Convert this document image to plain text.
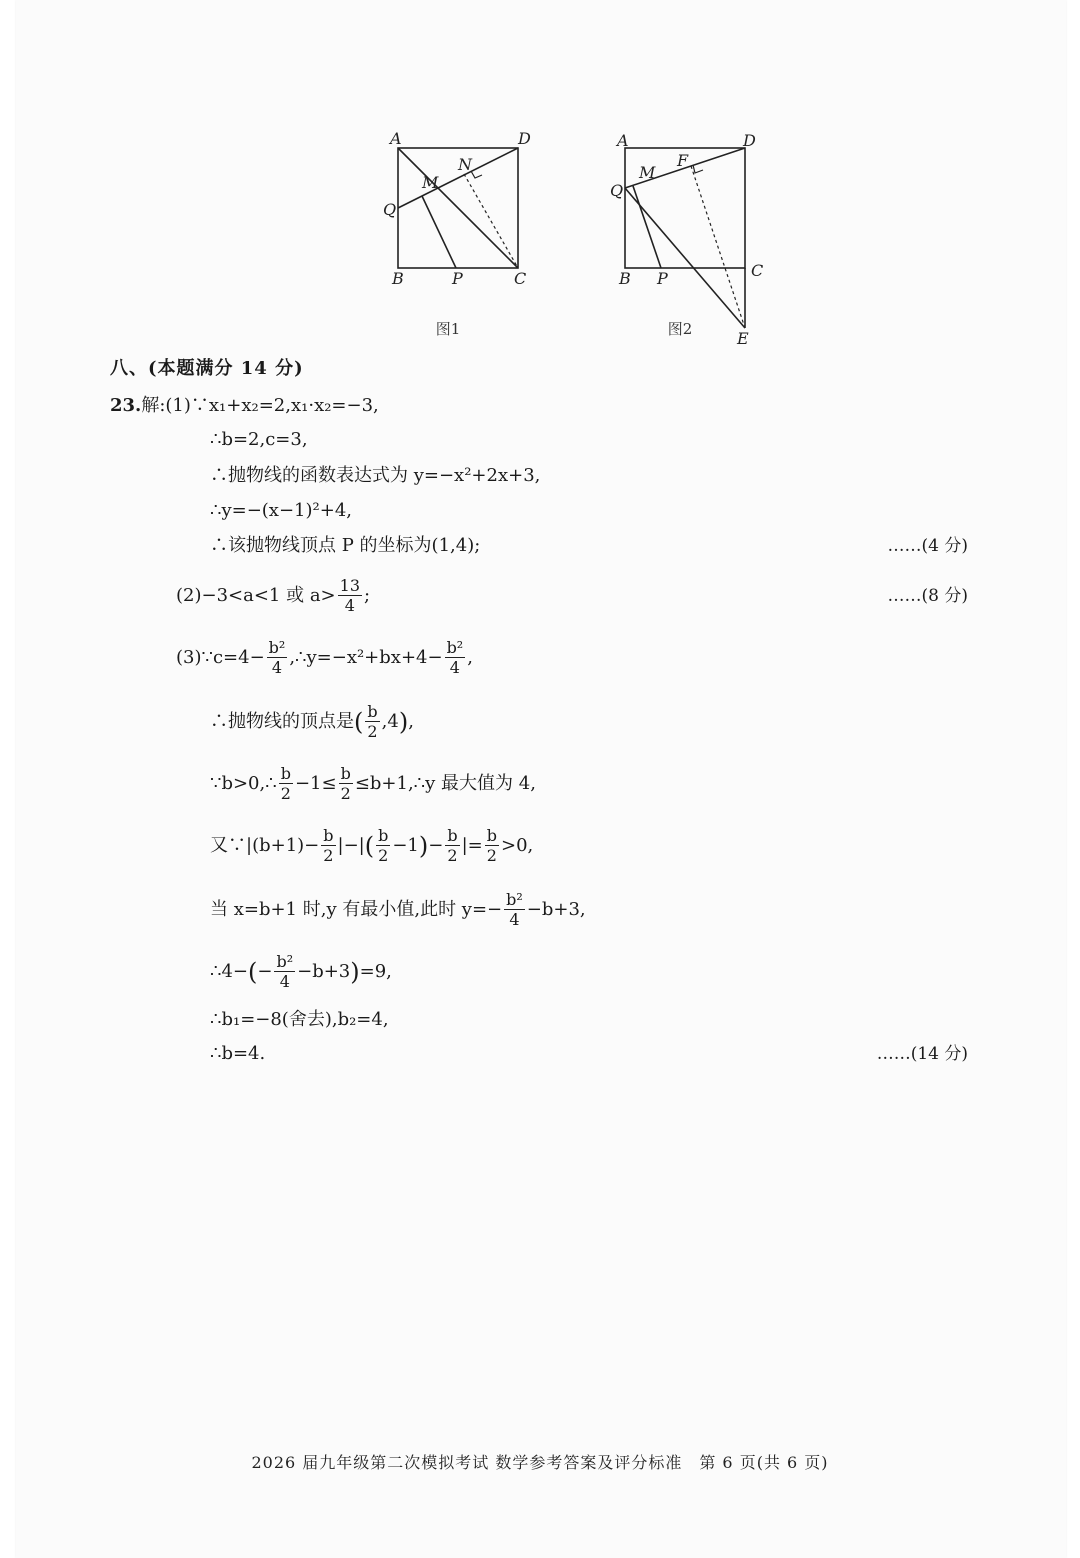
A	D
N
M
Q
B	P	C
图1
A	D
F
M
Q
B P	C
E
图2
八、(本题满分 14 分)
23.解:(1)∵x₁+x₂=2,x₁·x₂=−3,
∴b=2,c=3,
∴抛物线的函数表达式为 y=−x²+2x+3,
∴y=−(x−1)²+4,
∴该抛物线顶点 P 的坐标为(1,4);	……(4 分)
(2)−3<a<1 或 $a> \frac{13}{4}$ ;	……(8 分)
(3)∵c=4− $\frac{\text{b²}}{4}$ ,∴y=−x²+bx+4− $\frac{\text{b²}}{4}$ ,
∴抛物线的顶点是( $\frac{b}{2} ,4$),
∵b>0,∴ $\frac{b}{2} -1\le \frac{b}{2}$ ≤b+1,∴y 最大值为 4,
又∵|(b+1)− $\frac{b}{2}$ |−|( $\frac{b}{2} -1)- \frac{b}{2}$ |= $\frac{b}{2} >0$,
当 x=b+1 时,y 有最小值,此时 $y=- \frac{\text{b²}}{4} -b+3$,
∴4−(− $\frac{\text{b²}}{4} -b+3)=9$,
∴b₁=−8(舍去),b₂=4,
∴b=4.	……(14 分)
2026 届九年级第二次模拟考试 数学参考答案及评分标准　第 6 页(共 6 页)
